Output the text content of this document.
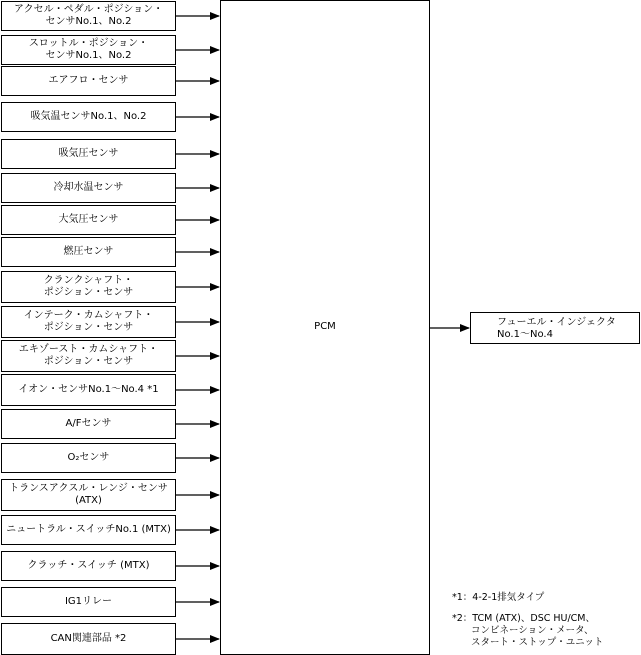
アクセル・ペダル・ポジション・
センサNo.1、No.2
スロットル・ポジション・
センサNo.1、No.2
エアフロ・センサ
吸気温センサNo.1、No.2
吸気圧センサ
冷却水温センサ
大気圧センサ
燃圧センサ
クランクシャフト・
ポジション・センサ
インテーク・カムシャフト・
ポジション・センサ
エキゾースト・カムシャフト・
ポジション・センサ
イオン・センサNo.1～No.4 *1
A/Fセンサ
O₂センサ
トランスアクスル・レンジ・センサ
(ATX)
ニュートラル・スイッチNo.1 (MTX)
クラッチ・スイッチ (MTX)
IG1リレー
CAN関連部品 *2
PCM	フューエル・インジェクタ
No.1～No.4
*1：4-2-1排気タイプ
*2：TCM (ATX)、DSC HU/CM、
　　コンビネーション・メータ、
　　スタート・ストップ・ユニット
